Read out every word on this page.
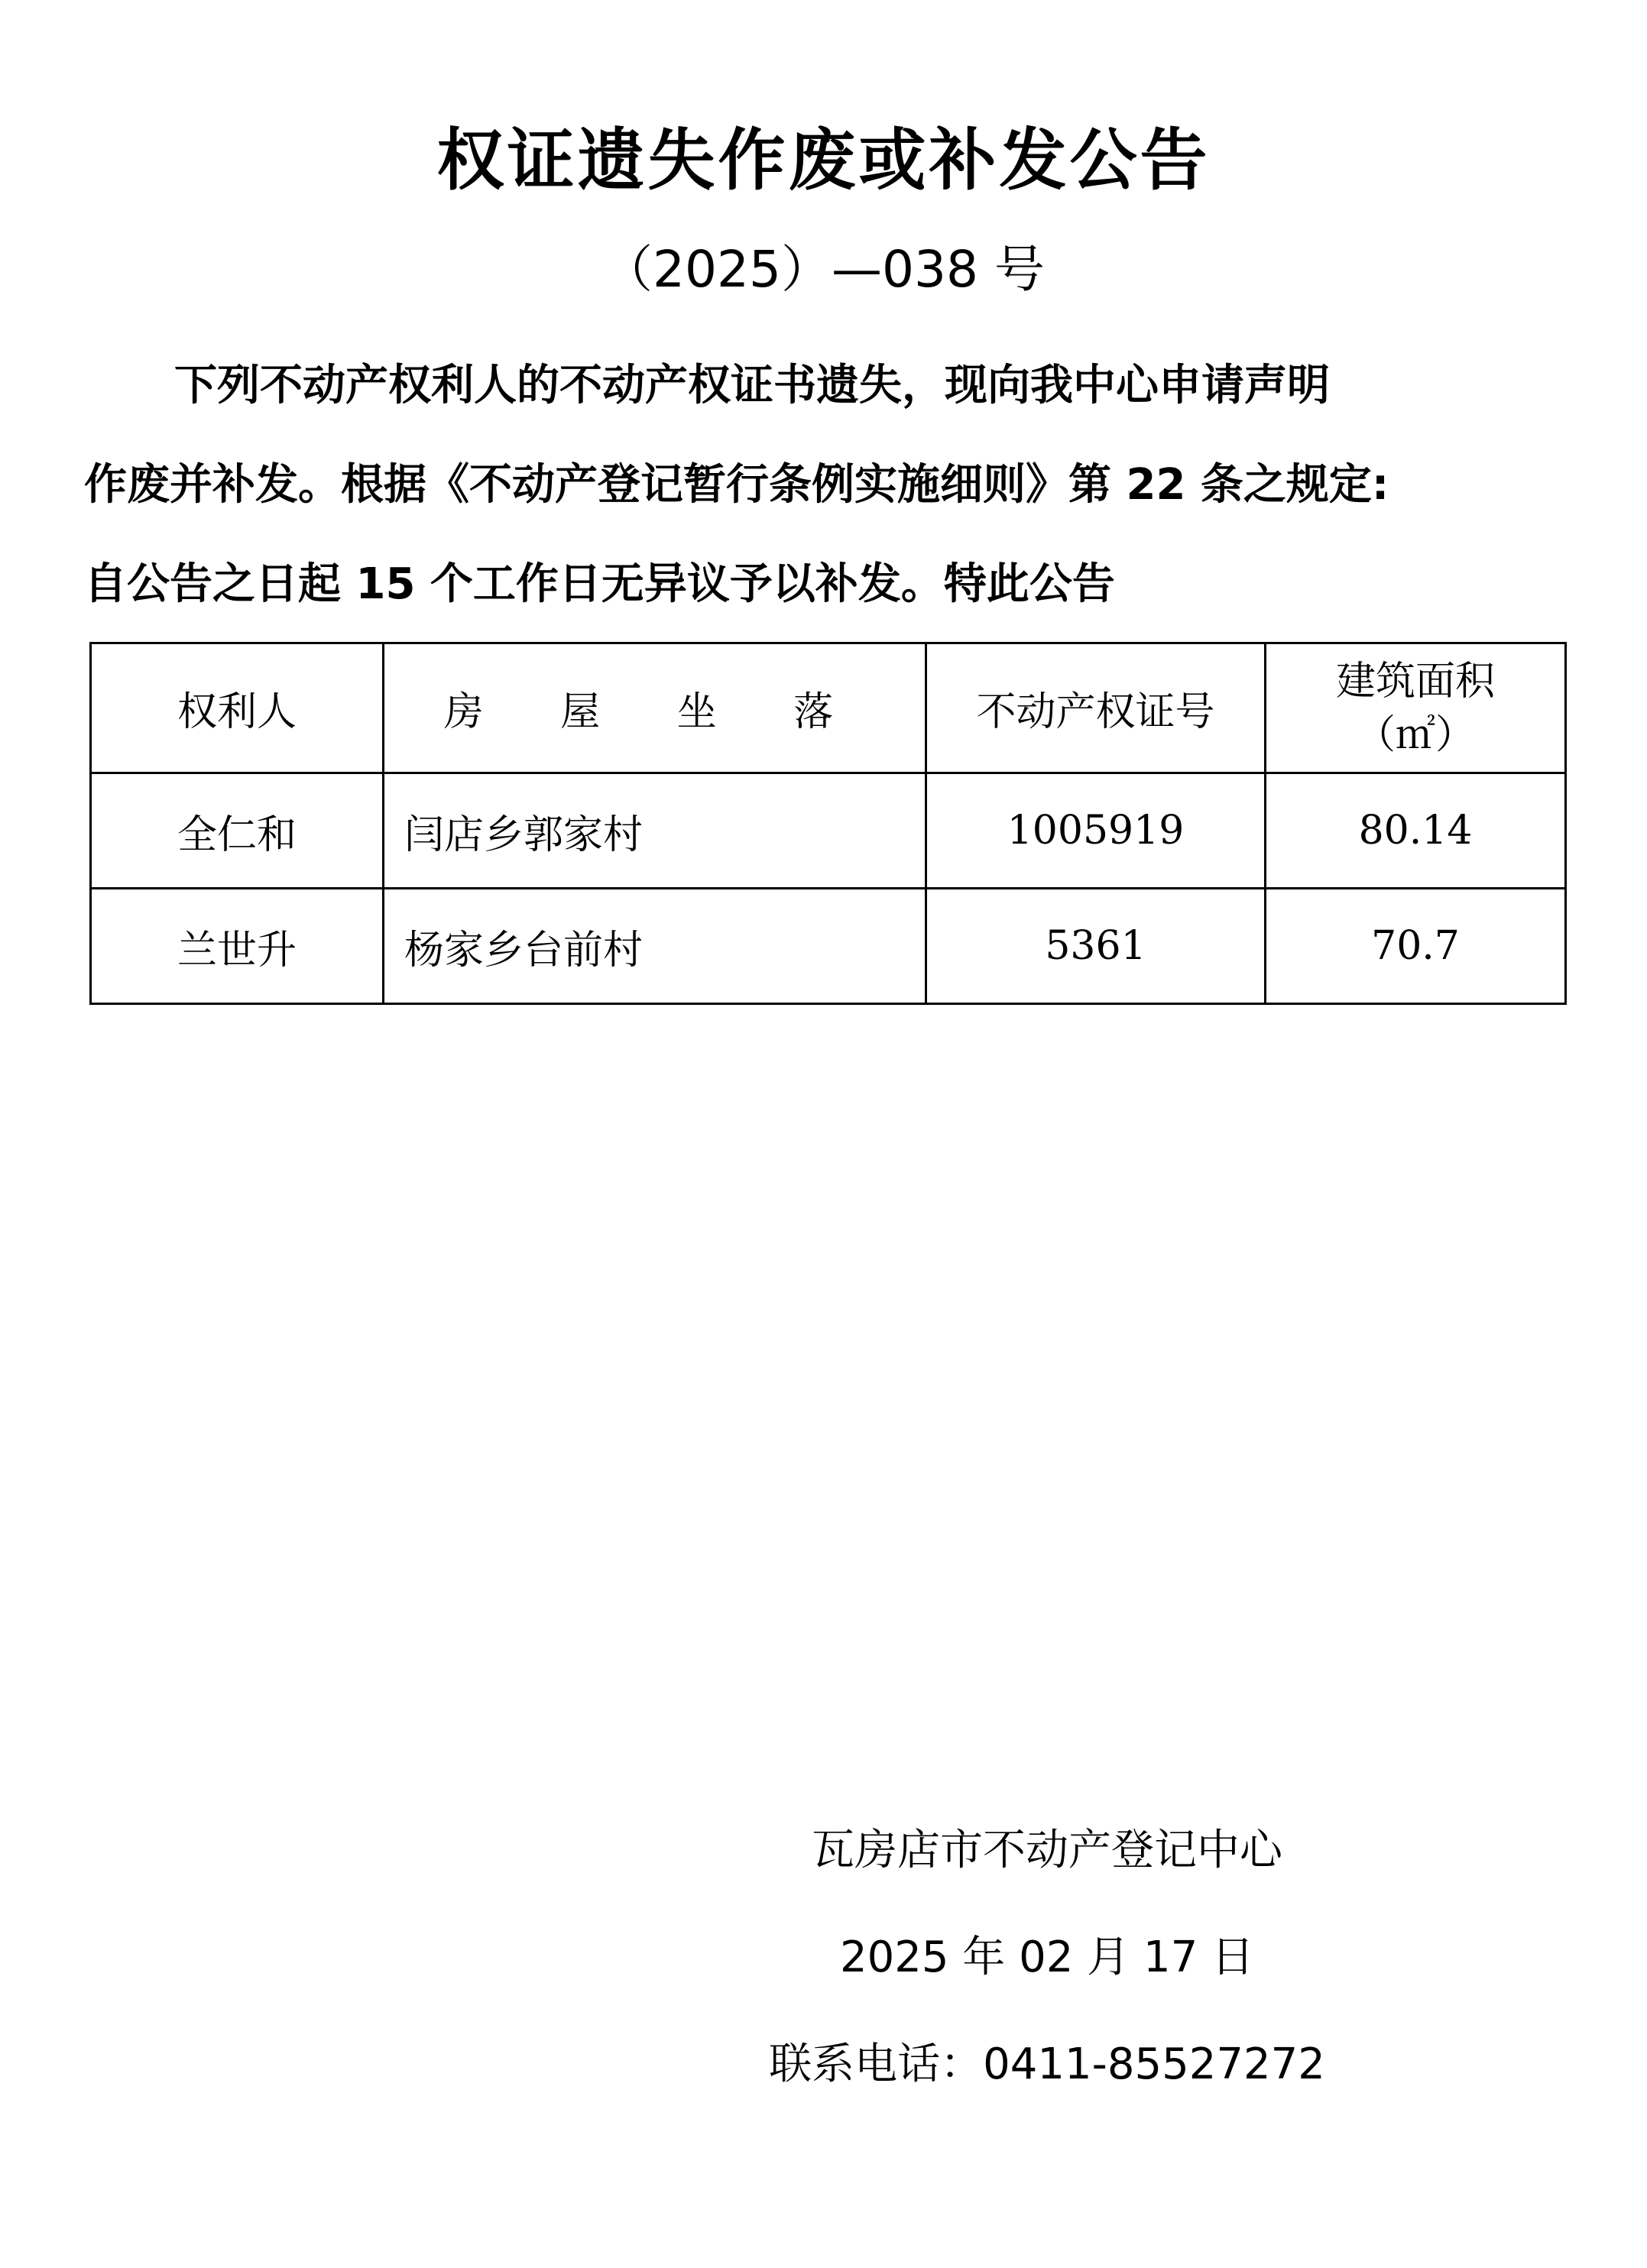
权证遗失作废或补发公告
（2025）—038 号
下列不动产权利人的不动产权证书遗失，现向我中心申请声明
作废并补发。根据《不动产登记暂行条例实施细则》第 22 条之规定:
自公告之日起 15 个工作日无异议予以补发。特此公告
权利人	房 屋 坐 落	不动产权证号	建筑面积
（㎡）

全仁和	闫店乡郭家村	1005919	80.14
兰世升	杨家乡台前村	5361	70.7
瓦房店市不动产登记中心
2025 年 02 月 17 日
联系电话：0411-85527272
